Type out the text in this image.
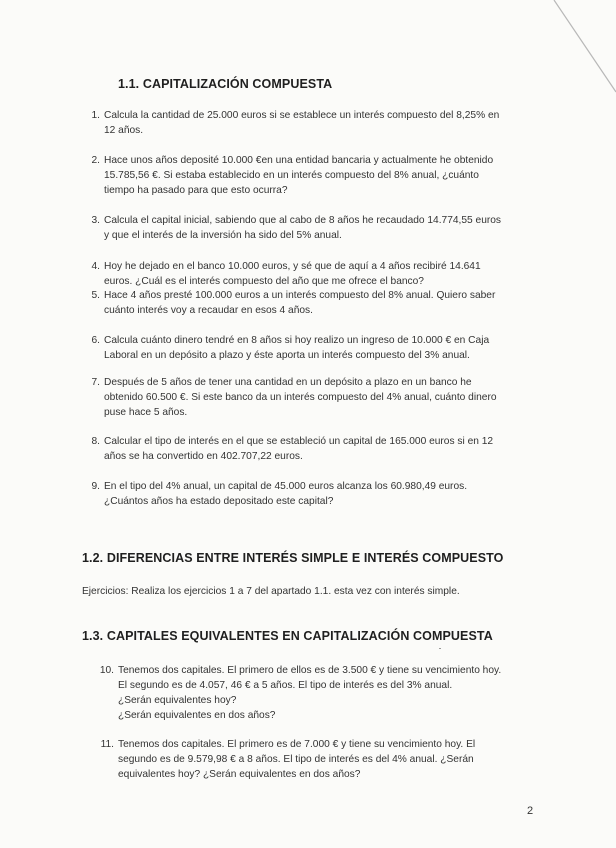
1.1. CAPITALIZACIÓN COMPUESTA
1. Calcula la cantidad de 25.000 euros si se establece un interés compuesto del 8,25% en
12 años.
2. Hace unos años deposité 10.000 €en una entidad bancaria y actualmente he obtenido
15.785,56 €. Si estaba establecido en un interés compuesto del 8% anual, ¿cuánto
tiempo ha pasado para que esto ocurra?
3. Calcula el capital inicial, sabiendo que al cabo de 8 años he recaudado 14.774,55 euros
y que el interés de la inversión ha sido del 5% anual.
4. Hoy he dejado en el banco 10.000 euros, y sé que de aquí a 4 años recibiré 14.641
euros. ¿Cuál es el interés compuesto del año que me ofrece el banco?
5. Hace 4 años presté 100.000 euros a un interés compuesto del 8% anual. Quiero saber
cuánto interés voy a recaudar en esos 4 años.
6. Calcula cuánto dinero tendré en 8 años si hoy realizo un ingreso de 10.000 € en Caja
Laboral en un depósito a plazo y éste aporta un interés compuesto del 3% anual.
7. Después de 5 años de tener una cantidad en un depósito a plazo en un banco he
obtenido 60.500 €. Si este banco da un interés compuesto del 4% anual, cuánto dinero
puse hace 5 años.
8. Calcular el tipo de interés en el que se estableció un capital de 165.000 euros si en 12
años se ha convertido en 402.707,22 euros.
9. En el tipo del 4% anual, un capital de 45.000 euros alcanza los 60.980,49 euros.
¿Cuántos años ha estado depositado este capital?
1.2. DIFERENCIAS ENTRE INTERÉS SIMPLE E INTERÉS COMPUESTO
Ejercicios: Realiza los ejercicios 1 a 7 del apartado 1.1. esta vez con interés simple.
1.3. CAPITALES EQUIVALENTES EN CAPITALIZACIÓN COMPUESTA
10. Tenemos dos capitales. El primero de ellos es de 3.500 € y tiene su vencimiento hoy.
El segundo es de 4.057, 46 € a 5 años. El tipo de interés es del 3% anual.
¿Serán equivalentes hoy?
¿Serán equivalentes en dos años?
11. Tenemos dos capitales. El primero es de 7.000 € y tiene su vencimiento hoy. El
segundo es de 9.579,98 € a 8 años. El tipo de interés es del 4% anual. ¿Serán
equivalentes hoy? ¿Serán equivalentes en dos años?
2
